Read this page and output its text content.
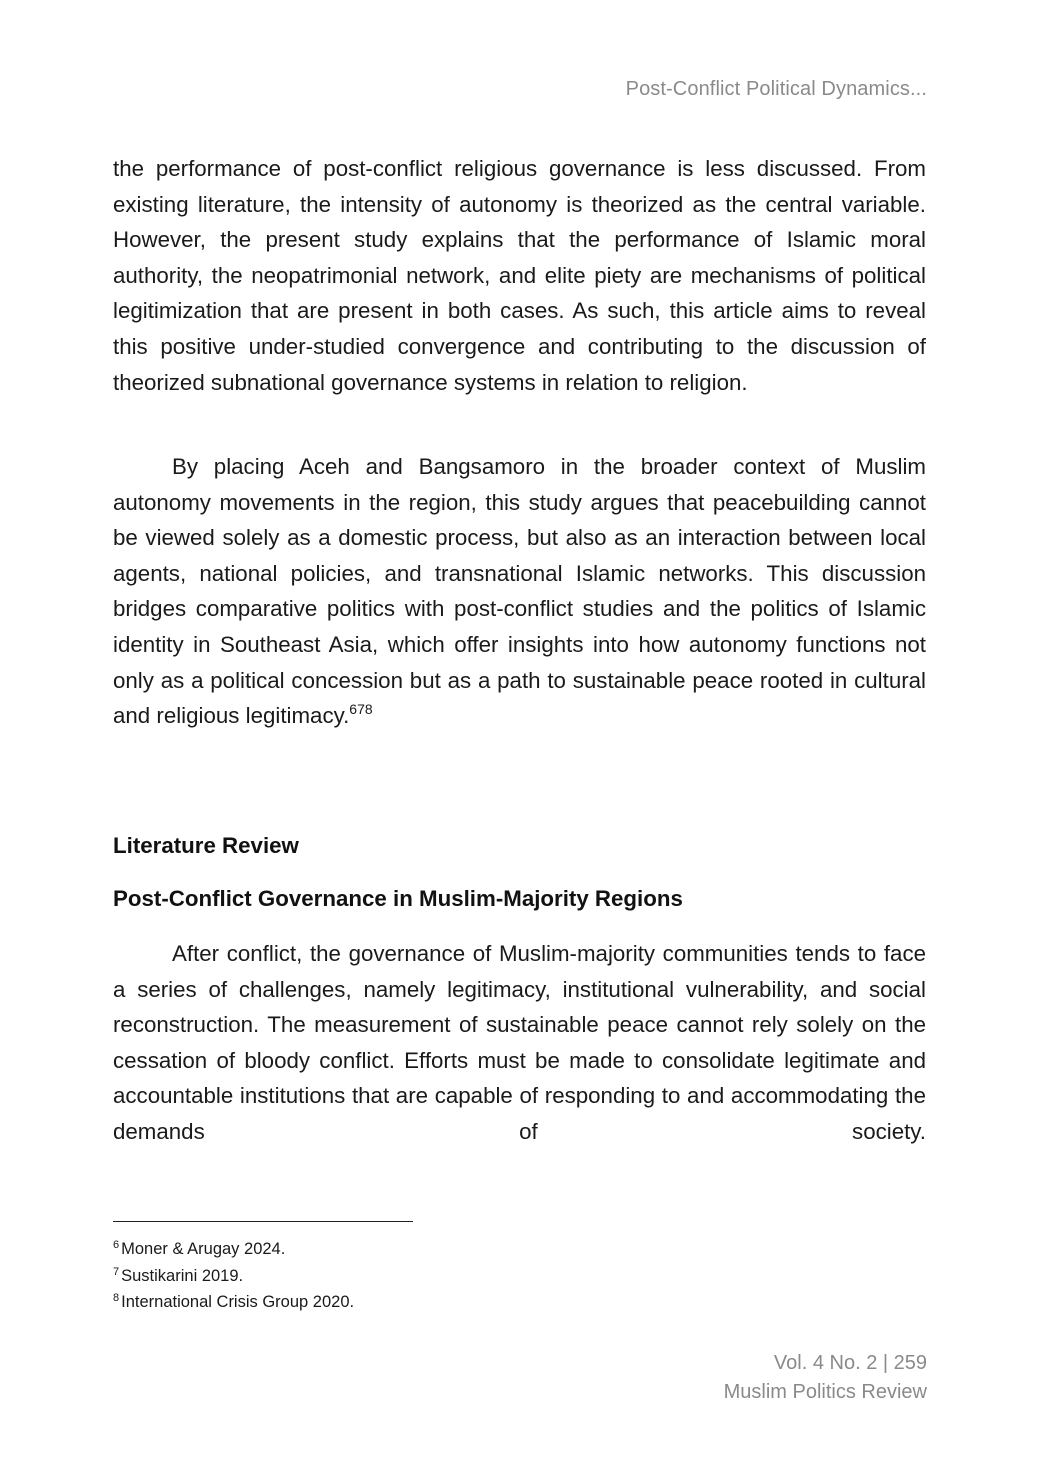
Post-Conflict Political Dynamics...

the performance of post-conflict religious governance is less discussed. From existing literature, the intensity of autonomy is theorized as the central variable. However, the present study explains that the performance of Islamic moral authority, the neopatrimonial network, and elite piety are mechanisms of political legitimization that are present in both cases. As such, this article aims to reveal this positive under-studied convergence and contributing to the discussion of theorized subnational governance systems in relation to religion.

By placing Aceh and Bangsamoro in the broader context of Muslim autonomy movements in the region, this study argues that peacebuilding cannot be viewed solely as a domestic process, but also as an interaction between local agents, national policies, and transnational Islamic networks. This discussion bridges comparative politics with post-conflict studies and the politics of Islamic identity in Southeast Asia, which offer insights into how autonomy functions not only as a political concession but as a path to sustainable peace rooted in cultural and religious legitimacy.$^{678}$

Literature Review
Post-Conflict Governance in Muslim-Majority Regions

After conflict, the governance of Muslim-majority communities tends to face a series of challenges, namely legitimacy, institutional vulnerability, and social reconstruction. The measurement of sustainable peace cannot rely solely on the cessation of bloody conflict. Efforts must be made to consolidate legitimate and accountable institutions that are capable of responding to and accommodating the demands of society.

$^6$ Moner & Arugay 2024.
$^7$ Sustikarini 2019.
$^8$ International Crisis Group 2020.
Vol. 4 No. 2 | 259
Muslim Politics Review
